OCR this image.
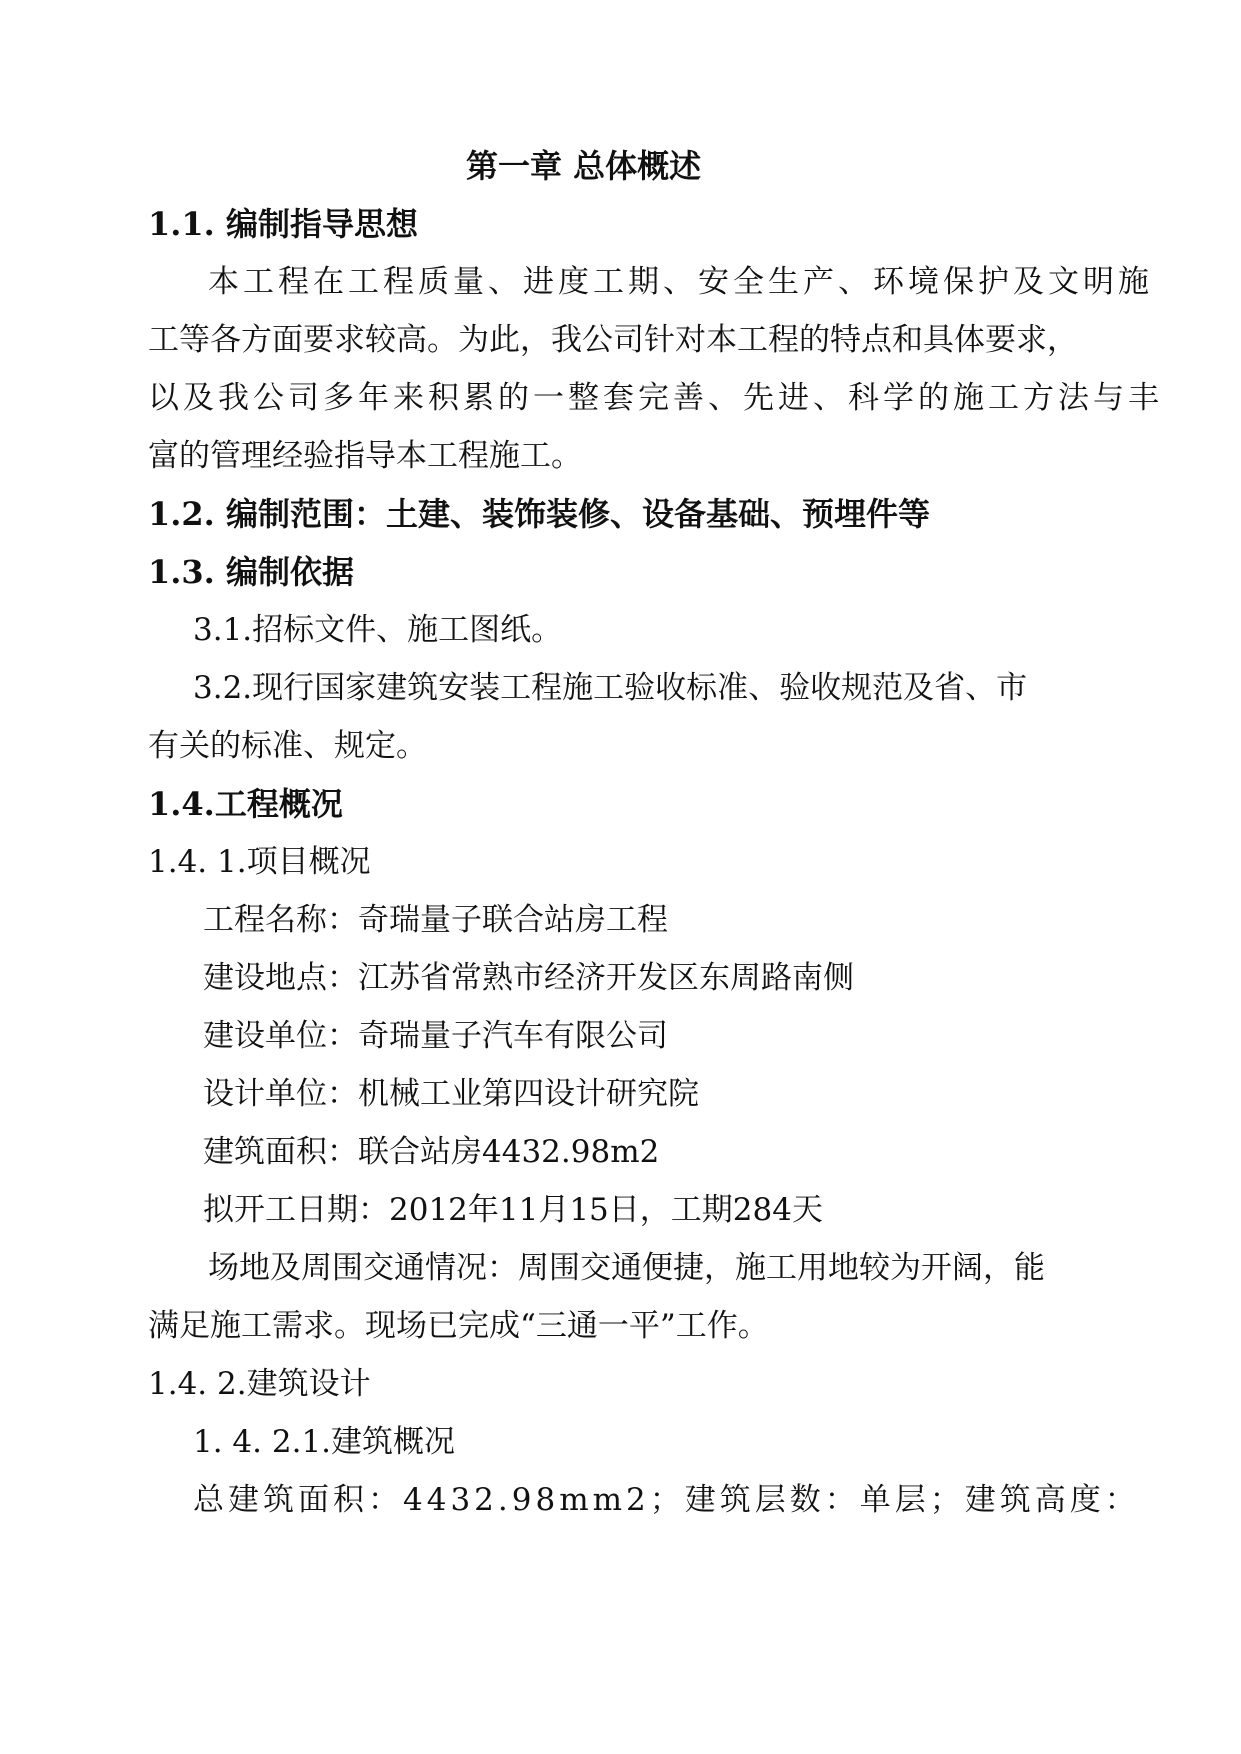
第一章 总体概述
1.1. 编制指导思想
本工程在工程质量、进度工期、安全生产、环境保护及文明施
工等各方面要求较高。为此，我公司针对本工程的特点和具体要求，
以及我公司多年来积累的一整套完善、先进、科学的施工方法与丰
富的管理经验指导本工程施工。
1.2. 编制范围：土建、装饰装修、设备基础、预埋件等
1.3. 编制依据
3.1.招标文件、施工图纸。
3.2.现行国家建筑安装工程施工验收标准、验收规范及省、市
有关的标准、规定。
1.4.工程概况
1.4. 1.项目概况
工程名称：奇瑞量子联合站房工程
建设地点：江苏省常熟市经济开发区东周路南侧
建设单位：奇瑞量子汽车有限公司
设计单位：机械工业第四设计研究院
建筑面积：联合站房4432.98m2
拟开工日期：2012年11月15日，工期284天
场地及周围交通情况：周围交通便捷，施工用地较为开阔，能
满足施工需求。现场已完成“三通一平”工作。
1.4. 2.建筑设计
1. 4. 2.1.建筑概况
总建筑面积：4432.98mm2；建筑层数：单层；建筑高度：
